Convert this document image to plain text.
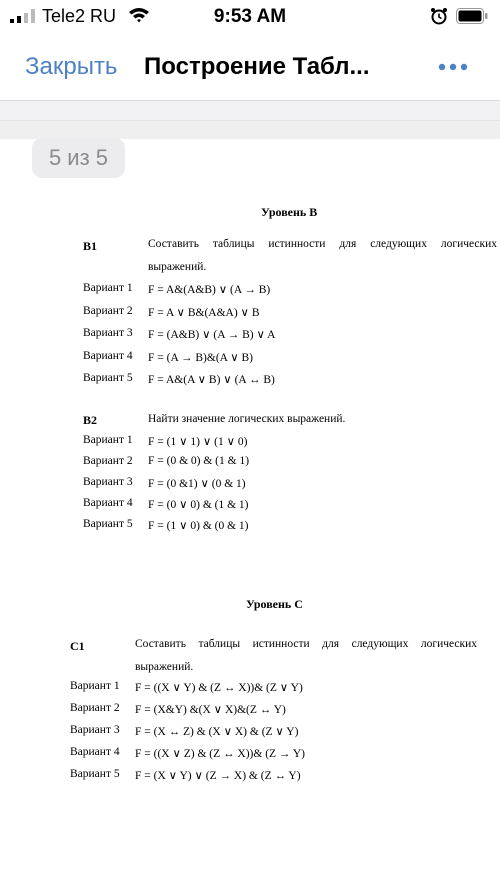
Tele2 RU	9:53 AM
Закрыть Построение Табл...
5 из 5
Уровень B
B1	Составить таблицы истинности для следующих логических
выражений.
Вариант 1 F = A&(A&B) ∨ (A → B)
Вариант 2 F = A ∨ B&(A&A) ∨ B
Вариант 3 F = (A&B) ∨ (A → B) ∨ A
Вариант 4 F = (A → B)&(A ∨ B)
Вариант 5 F = A&(A ∨ B) ∨ (A ↔ B)
B2	Найти значение логических выражений.
Вариант 1 F = (1 ∨ 1) ∨ (1 ∨ 0)
Вариант 2 F = (0 & 0) & (1 & 1)
Вариант 3 F = (0 &1) ∨ (0 & 1)
Вариант 4 F = (0 ∨ 0) & (1 & 1)
Вариант 5 F = (1 ∨ 0) & (0 & 1)
Уровень C
C1	Составить таблицы истинности для следующих логических
выражений.
Вариант 1 F = ((X ∨ Y) & (Z ↔ X))& (Z ∨ Y)
Вариант 2 F = (X&Y) &(X ∨ X)&(Z ↔ Y)
Вариант 3 F = (X ↔ Z) & (X ∨ X) & (Z ∨ Y)
Вариант 4 F = ((X ∨ Z) & (Z ↔ X))& (Z → Y)
Вариант 5 F = (X ∨ Y) ∨ (Z → X) & (Z ↔ Y)
